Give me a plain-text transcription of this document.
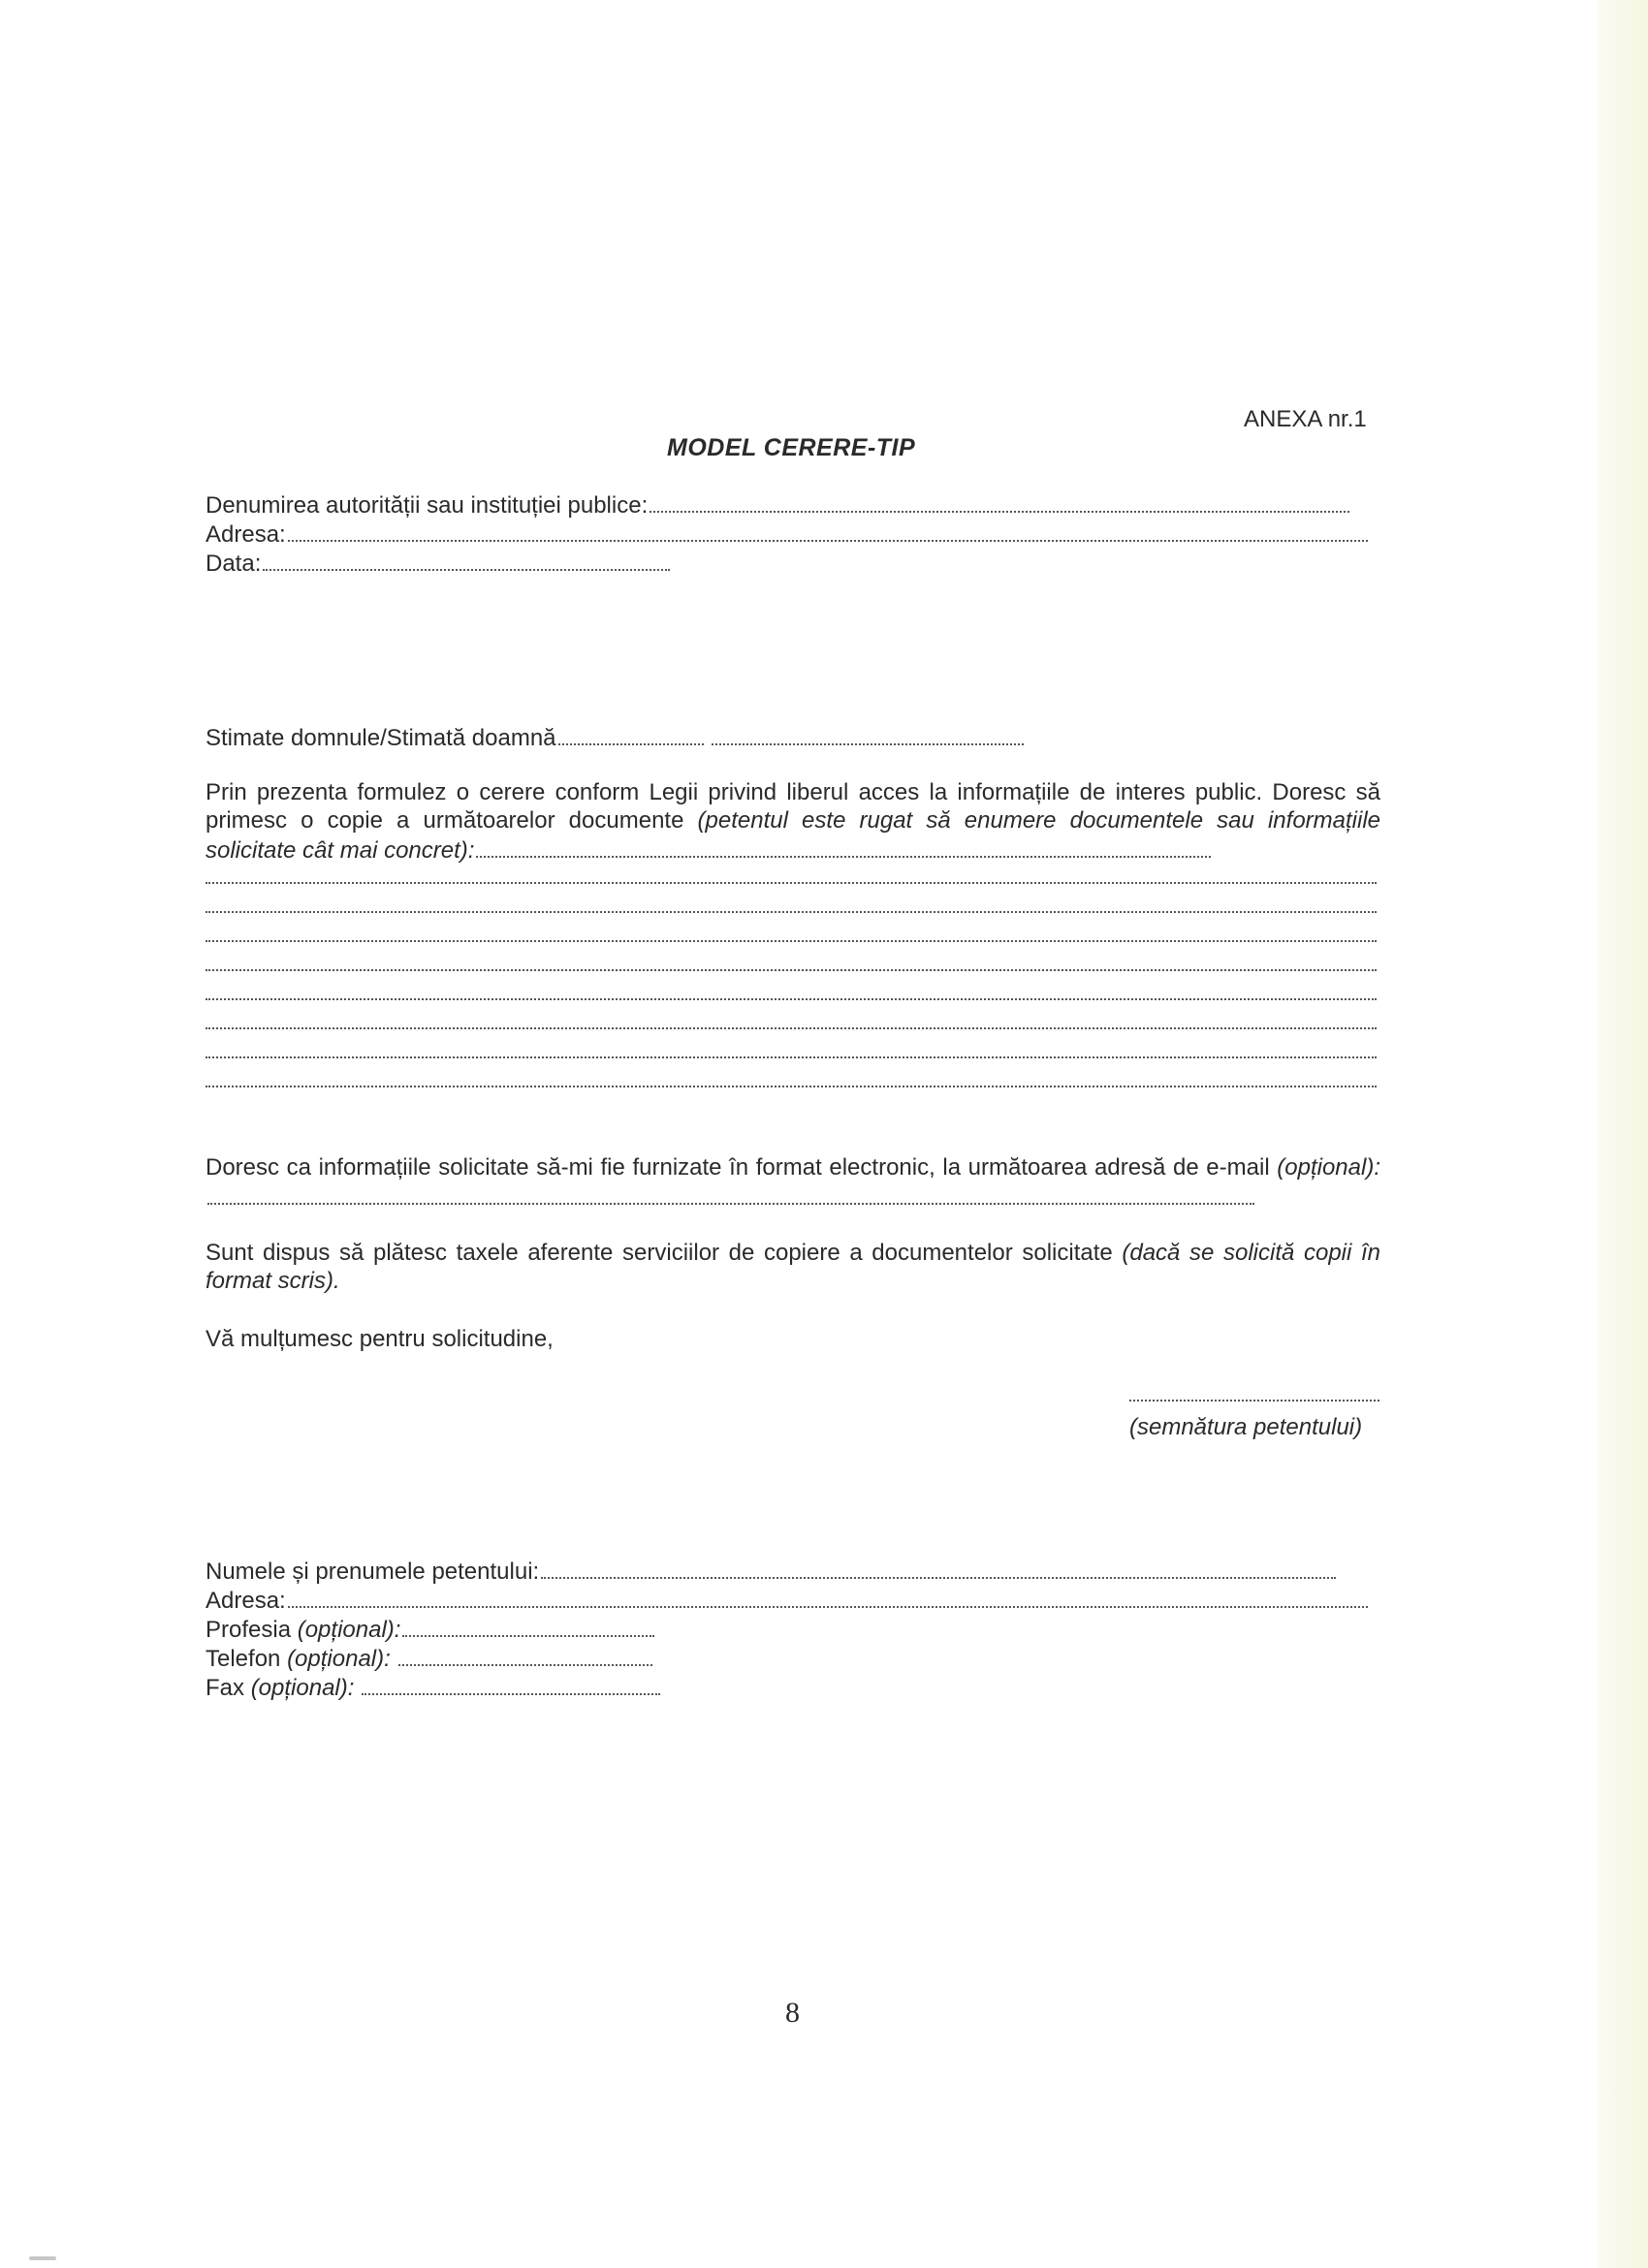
ANEXA nr.1
MODEL CERERE-TIP
Denumirea autorității sau instituției publice:
Adresa:
Data:
Stimate domnule/Stimată doamnă
Prin prezenta formulez o cerere conform Legii privind liberul acces la informațiile de interes public. Doresc să primesc o copie a următoarelor documente (petentul este rugat să enumere documentele sau informațiile solicitate cât mai concret):
Doresc ca informațiile solicitate să-mi fie furnizate în format electronic, la următoarea adresă de e-mail (opțional):
Sunt dispus să plătesc taxele aferente serviciilor de copiere a documentelor solicitate (dacă se solicită copii în format scris).
Vă mulțumesc pentru solicitudine,
(semnătura petentului)
Numele și prenumele petentului:
Adresa:
Profesia
(opțional):
Telefon
(opțional):
Fax
(opțional):
8
